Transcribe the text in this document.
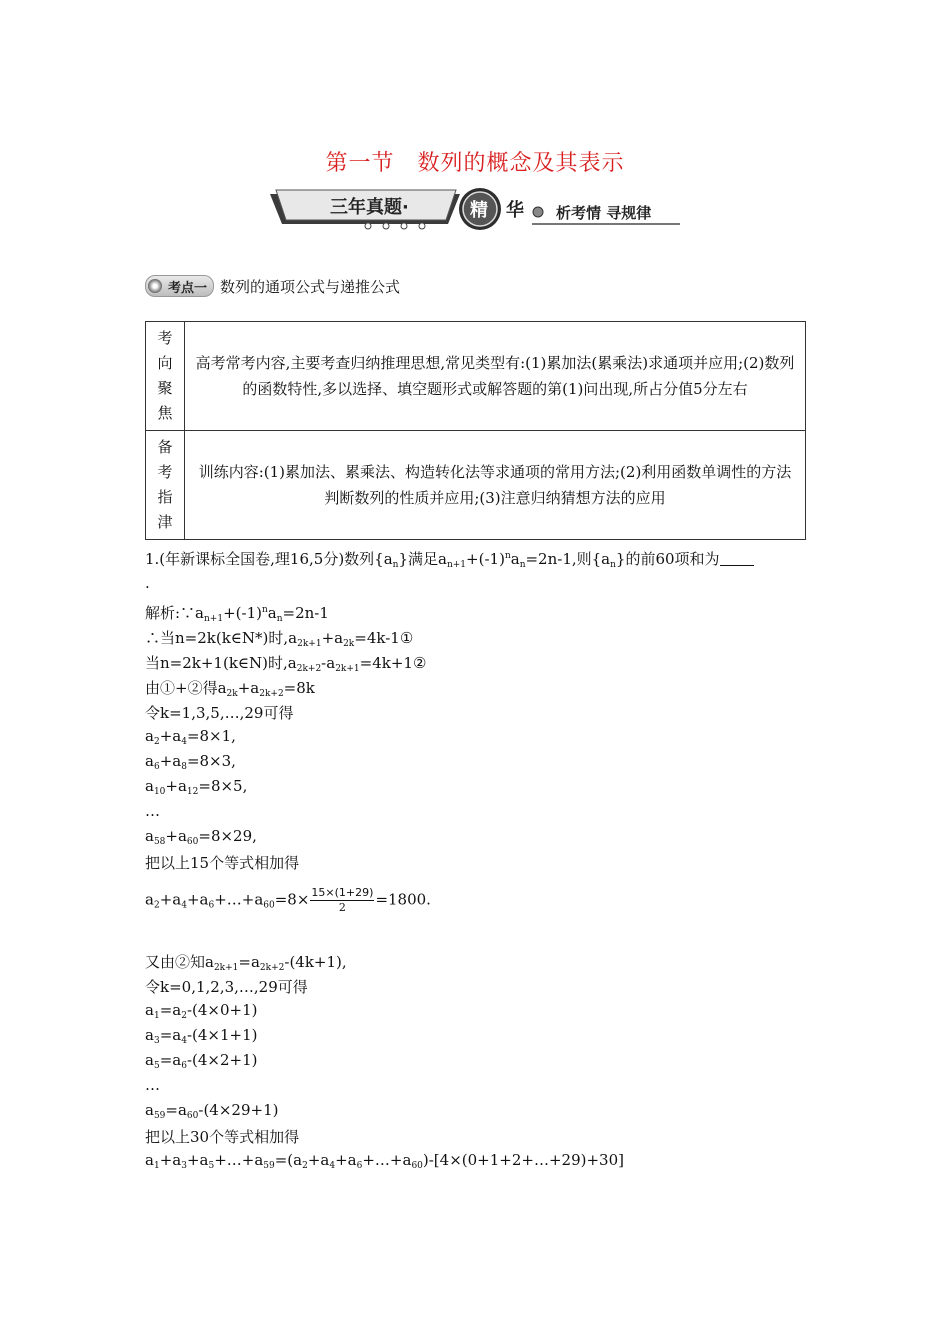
第一节　数列的概念及其表示
三年真题·	精 华 析考情 寻规律
考点一 数列的通项公式与递推公式
考向聚焦	高考常考内容,主要考查归纳推理思想,常见类型有:(1)累加法(累乘法)求通项并应用;(2)数列的函数特性,多以选择、填空题形式或解答题的第(1)问出现,所占分值5分左右
备考指津	训练内容:(1)累加法、累乘法、构造转化法等求通项的常用方法;(2)利用函数单调性的方法判断数列的性质并应用;(3)注意归纳猜想方法的应用
1.(年新课标全国卷,理16,5分)数列$\{a_n\}$满足$a_{n+1}+(-1)^na_n=2n-1$,则$\{a_n\}$的前60项和为
.
解析$:\because a_{n+1}+(-1)^na_n=2n-1$
∴当n=2k(k∈N*)时$,a_{2k+1}+a_{2k}=4k-1①$
当n=2k+1(k∈N)时$,a_{2k+2}-a_{2k+1}=4k+1②$
由①+②得$a_{2k}+a_{2k+2}=8k$
令k=1,3,5,…,29可得
$a_2+a_4=8\times 1$,
$a_6+a_8=8\times 3$,
$a_{10}+a_{12}=8\times 5$,
…
$a_{58}+a_{60}=8\times 29$,
把以上15个等式相加得
$a_2+a_4+a_6+\dots+a_{60}=8\times \frac{15\times(1+29)}{2} =1800$.
又由②知$a_{2k+1}=a_{2k+2}-(4k+1)$,
令k=0,1,2,3,…,29可得
$a_1=a_2-(4\times 0+1)$
$a_3=a_4-(4\times 1+1)$
$a_5=a_6-(4\times 2+1)$
…
$a_{59}=a_{60}-(4\times 29+1)$
把以上30个等式相加得
$a_1+a_3+a_5+\dots+a_{59}=(a_2+a_4+a_6+\dots+a_{60})-[4\times(0+1+2+\dots+29)+30]$
